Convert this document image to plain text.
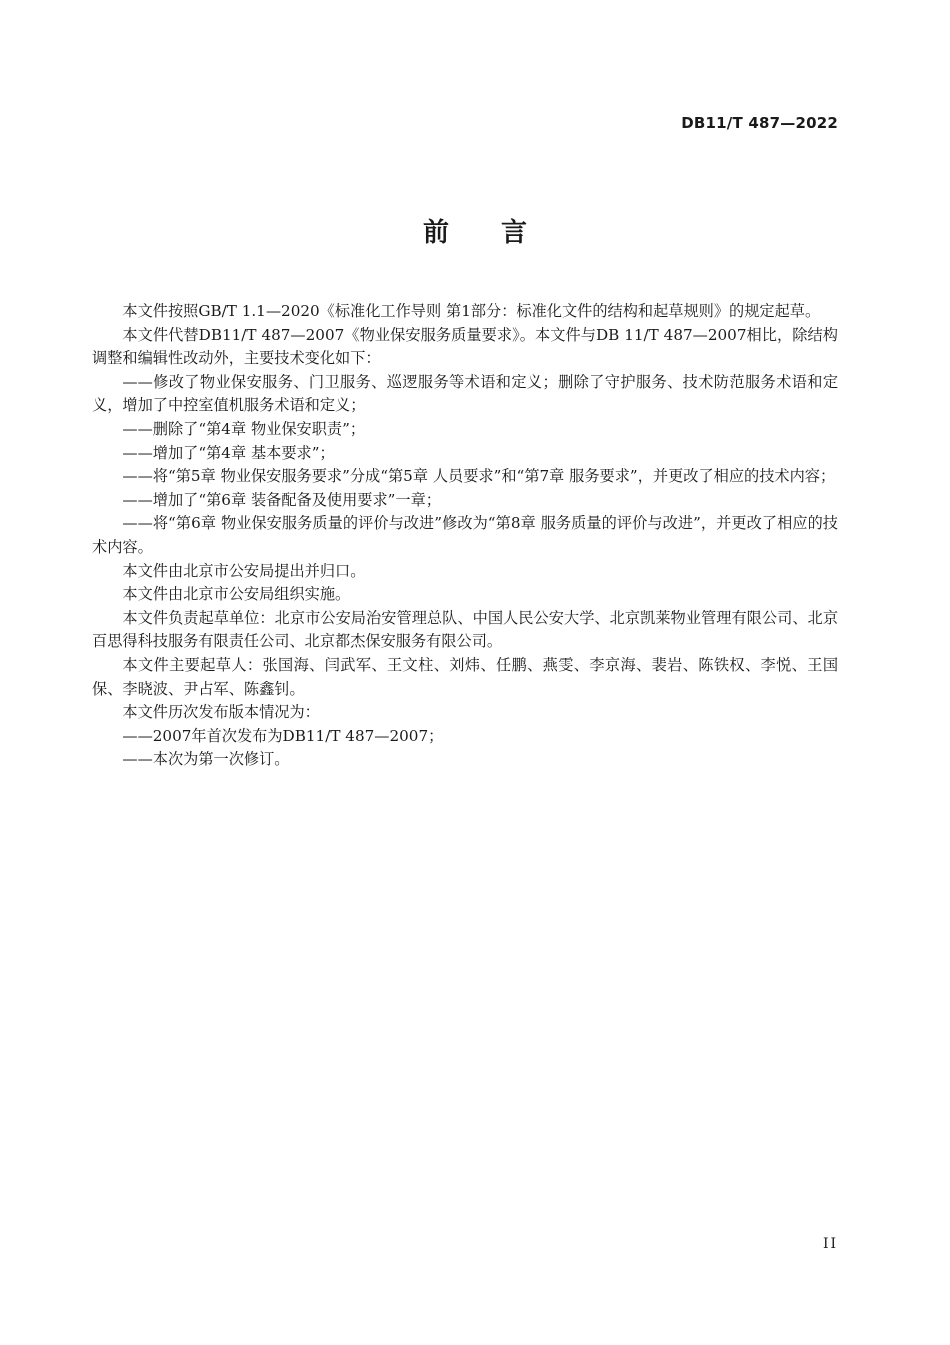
DB11/T 487—2022
前言

本文件按照GB/T 1.1—2020《标准化工作导则 第1部分：标准化文件的结构和起草规则》的规定起草。

本文件代替DB11/T 487—2007《物业保安服务质量要求》。本文件与DB 11/T 487—2007相比，除结构调整和编辑性改动外，主要技术变化如下：

——修改了物业保安服务、门卫服务、巡逻服务等术语和定义；删除了守护服务、技术防范服务术语和定义，增加了中控室值机服务术语和定义；

——删除了“第4章 物业保安职责”；

——增加了“第4章 基本要求”；

——将“第5章 物业保安服务要求”分成“第5章 人员要求”和“第7章 服务要求”，并更改了相应的技术内容；

——增加了“第6章 装备配备及使用要求”一章；

——将“第6章 物业保安服务质量的评价与改进”修改为“第8章 服务质量的评价与改进”，并更改了相应的技术内容。

本文件由北京市公安局提出并归口。

本文件由北京市公安局组织实施。

本文件负责起草单位：北京市公安局治安管理总队、中国人民公安大学、北京凯莱物业管理有限公司、北京百思得科技服务有限责任公司、北京都杰保安服务有限公司。

本文件主要起草人：张国海、闫武军、王文柱、刘炜、任鹏、燕雯、李京海、裴岩、陈铁权、李悦、王国保、李晓波、尹占军、陈鑫钊。

本文件历次发布版本情况为：

——2007年首次发布为DB11/T 487—2007；

——本次为第一次修订。

II
